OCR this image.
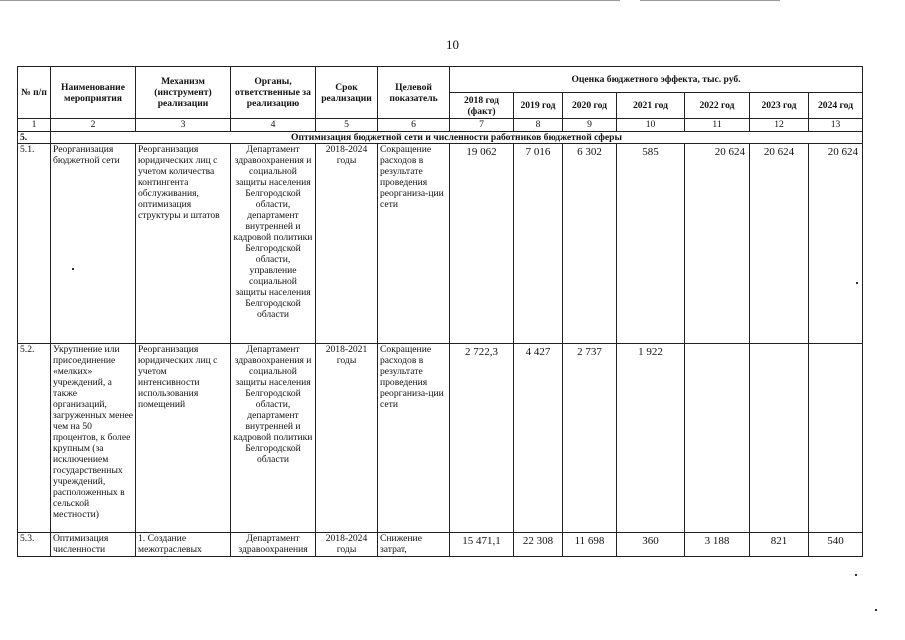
10
№ п/п	Наименование мероприятия	Механизм (инструмент) реализации	Органы, ответственные за реализацию	Срок реализации	Целевой показатель	Оценка бюджетного эффекта, тыс. руб.						
						2018 год (факт)	2019 год	2020 год	2021 год	2022 год	2023 год	2024 год
1	2	3	4	5	6	7	8	9	10	11	12	13
5.	Оптимизация бюджетной сети и численности работников бюджетной сферы											
5.1.	Реорганизация бюджетной сети	Реорганизация юридических лиц с учетом количества контингента обслуживания, оптимизация структуры и штатов	Департамент здравоохранения и социальной защиты населения Белгородской области, департамент внутренней и кадровой политики Белгородской области, управление социальной защиты населения Белгородской области	2018-2024 годы	Сокращение расходов в результате проведения реорганиза-ции сети	19 062	7 016	6 302	585	20 624	20 624	20 624
5.2.	Укрупнение или присоединение «мелких» учреждений, а также организаций, загруженных менее чем на 50 процентов, к более крупным (за исключением государственных учреждений, расположенных в сельской местности)	Реорганизация юридических лиц с учетом интенсивности использования помещений	Департамент здравоохранения и социальной защиты населения Белгородской области, департамент внутренней и кадровой политики Белгородской области	2018-2021 годы	Сокращение расходов в результате проведения реорганиза-ции сети	2 722,3	4 427	2 737	1 922			
5.3.	Оптимизация численности	1. Создание межотраслевых	Департамент здравоохранения	2018-2024 годы	Снижение затрат,	15 471,1	22 308	11 698	360	3 188	821	540
